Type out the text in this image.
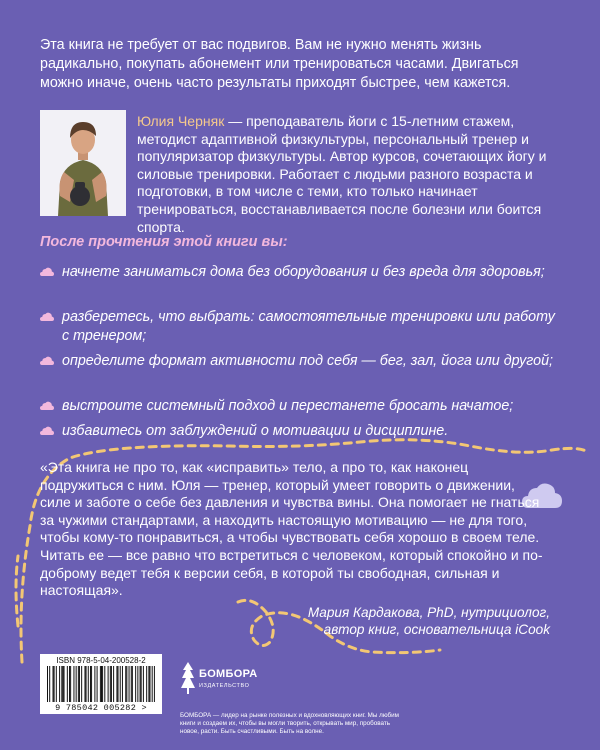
Эта книга не требует от вас подвигов. Вам не нужно менять жизнь радикально, покупать абонемент или тренироваться часами. Двигаться можно иначе, очень часто результаты приходят быстрее, чем кажется.

Юлия Черняк — преподаватель йоги с 15-летним стажем, методист адаптивной физкультуры, персональный тренер и популяризатор физкультуры. Автор курсов, сочетающих йогу и силовые тренировки. Работает с людьми разного возраста и подготовки, в том числе с теми, кто только начинает тренироваться, восстанавливается после болезни или боится спорта.

После прочтения этой книги вы:

начнете заниматься дома без оборудования и без вреда для здоровья;
разберетесь, что выбрать: самостоятельные тренировки или работу с тренером;
определите формат активности под себя — бег, зал, йога или другой;
выстроите системный подход и перестанете бросать начатое;
избавитесь от заблуждений о мотивации и дисциплине.

«Эта книга не про то, как «исправить» тело, а про то, как наконец подружиться с ним. Юля — тренер, который умеет говорить о движении, силе и заботе о себе без давления и чувства вины. Она помогает не гнаться за чужими стандартами, а находить настоящую мотивацию — не для того, чтобы кому-то понравиться, а чтобы чувствовать себя хорошо в своем теле. Читать ее — все равно что встретиться с человеком, который спокойно и по-доброму ведет тебя к версии себя, в которой ты свободная, сильная и настоящая».

Мария Кардакова, PhD, нутрициолог,
автор книг, основательница iCook
ISBN 978-5-04-200528-2
9 785042 005282 >
БОМБОРА
ИЗДАТЕЛЬСТВО

БОМБОРА — лидер на рынке полезных и вдохновляющих книг. Мы любим книги и создаем их, чтобы вы могли творить, открывать мир, пробовать новое, расти. Быть счастливыми. Быть на волне.
